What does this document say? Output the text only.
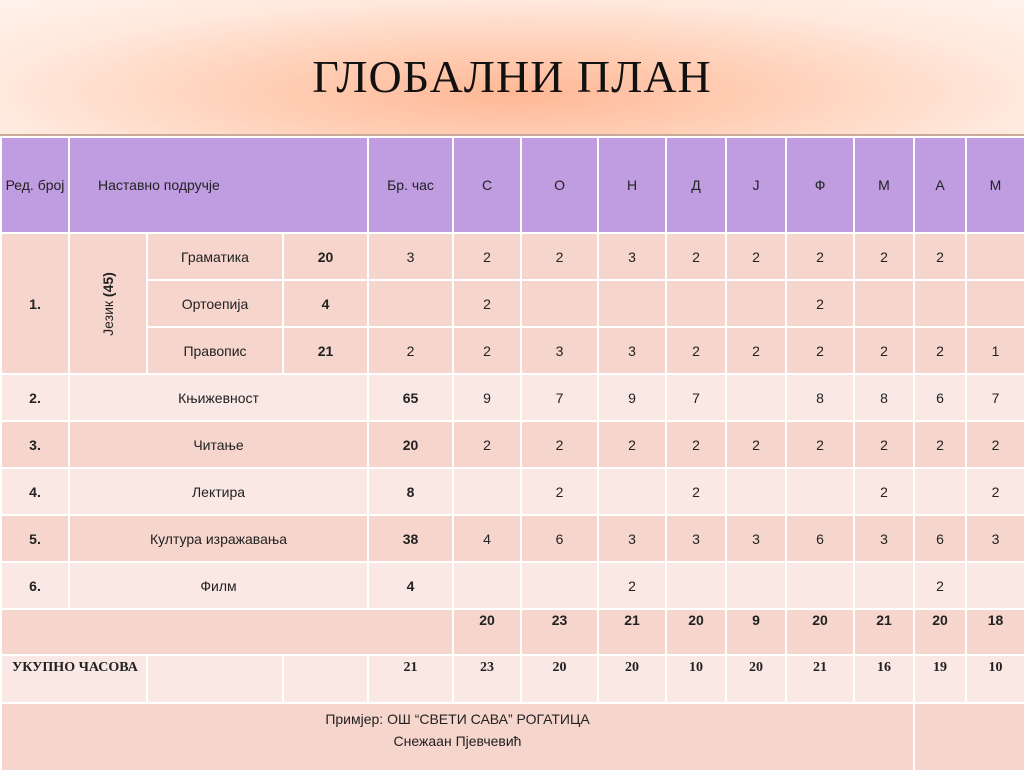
ГЛОБАЛНИ ПЛАН
Ред. број	Наставно подручје			Бр. час	С	О	Н	Д	Ј	Ф	М	А	М	
1.	Језик (45)	Граматика	20	3	2	2	3	2	2	2	2	2		
		Ортоепија	4		2					2				
		Правопис	21	2	2	3	3	2	2	2	2	2	1	
2.	Књижевност			65	9	7	9	7		8	8	6	7	
3.	Читање			20	2	2	2	2	2	2	2	2	2	
4.	Лектира			8		2		2			2		2	
5.	Култура изражавања			38	4	6	3	3	3	6	3	6	3	
6.	Филм			4			2					2		
					20	23	21	20	9	20	21	20	18	
УКУПНО ЧАСОВА				21	23	20	20	10	20	21	16	19	10	

Примјер: ОШ “СВЕТИ САВА” РОГАТИЦА
Снежаан Пјевчевић														
